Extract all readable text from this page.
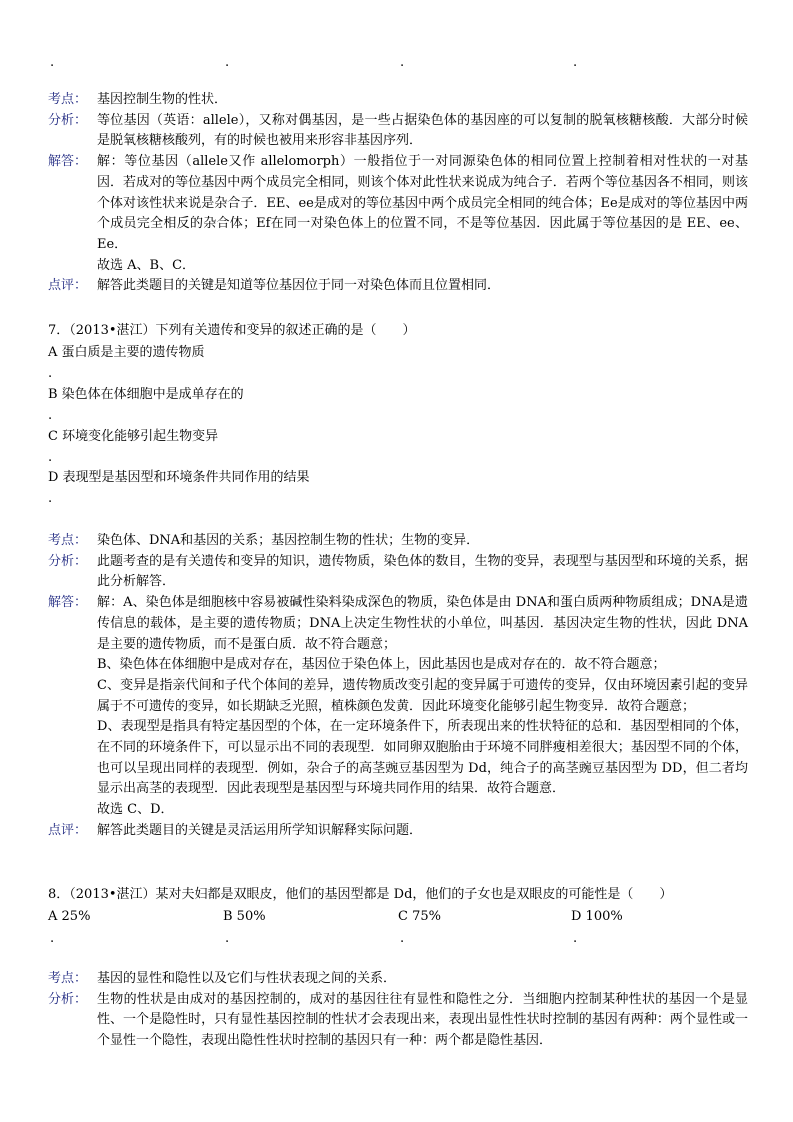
.	.	.	.
考点： 基因控制生物的性状．
分析： 等位基因（英语：allele），又称对偶基因，是一些占据染色体的基因座的可以复制的脱氧核糖核酸．大部分时候是脱氧核糖核酸列，有的时候也被用来形容非基因序列．
解答： 解：等位基因（allele又作 allelomorph）一般指位于一对同源染色体的相同位置上控制着相对性状的一对基因．若成对的等位基因中两个成员完全相同，则该个体对此性状来说成为纯合子．若两个等位基因各不相同，则该个体对该性状来说是杂合子．EE、ee是成对的等位基因中两个成员完全相同的纯合体；Ee是成对的等位基因中两个成员完全相反的杂合体；Ef在同一对染色体上的位置不同，不是等位基因．因此属于等位基因的是 EE、ee、Ee．

故选 A、B、C．

点评： 解答此类题目的关键是知道等位基因位于同一对染色体而且位置相同．
7．（2013•湛江）下列有关遗传和变异的叙述正确的是（　　）
A 蛋白质是主要的遗传物质
.
B 染色体在体细胞中是成单存在的
.
C 环境变化能够引起生物变异
.
D 表现型是基因型和环境条件共同作用的结果
.
考点： 染色体、DNA和基因的关系；基因控制生物的性状；生物的变异．
分析： 此题考查的是有关遗传和变异的知识，遗传物质，染色体的数目，生物的变异，表现型与基因型和环境的关系，据此分析解答．
解答： 解：A、染色体是细胞核中容易被碱性染料染成深色的物质，染色体是由 DNA和蛋白质两种物质组成；DNA是遗传信息的载体，是主要的遗传物质；DNA上决定生物性状的小单位，叫基因．基因决定生物的性状，因此 DNA是主要的遗传物质，而不是蛋白质．故不符合题意；

B、染色体在体细胞中是成对存在，基因位于染色体上，因此基因也是成对存在的．故不符合题意；

C、变异是指亲代间和子代个体间的差异，遗传物质改变引起的变异属于可遗传的变异，仅由环境因素引起的变异属于不可遗传的变异，如长期缺乏光照，植株颜色发黄．因此环境变化能够引起生物变异．故符合题意；

D、表现型是指具有特定基因型的个体，在一定环境条件下，所表现出来的性状特征的总和．基因型相同的个体，在不同的环境条件下，可以显示出不同的表现型．如同卵双胞胎由于环境不同胖瘦相差很大；基因型不同的个体，也可以呈现出同样的表现型．例如，杂合子的高茎豌豆基因型为 Dd，纯合子的高茎豌豆基因型为 DD，但二者均显示出高茎的表现型．因此表现型是基因型与环境共同作用的结果．故符合题意．

故选 C、D．

点评： 解答此类题目的关键是灵活运用所学知识解释实际问题．
8．（2013•湛江）某对夫妇都是双眼皮，他们的基因型都是 Dd，他们的子女也是双眼皮的可能性是（　　）
A 25%	B 50%	C 75%	D 100%
.	.	.	.
考点： 基因的显性和隐性以及它们与性状表现之间的关系．
分析： 生物的性状是由成对的基因控制的，成对的基因往往有显性和隐性之分．当细胞内控制某种性状的基因一个是显性、一个是隐性时，只有显性基因控制的性状才会表现出来，表现出显性性状时控制的基因有两种：两个显性或一个显性一个隐性，表现出隐性性状时控制的基因只有一种：两个都是隐性基因．
